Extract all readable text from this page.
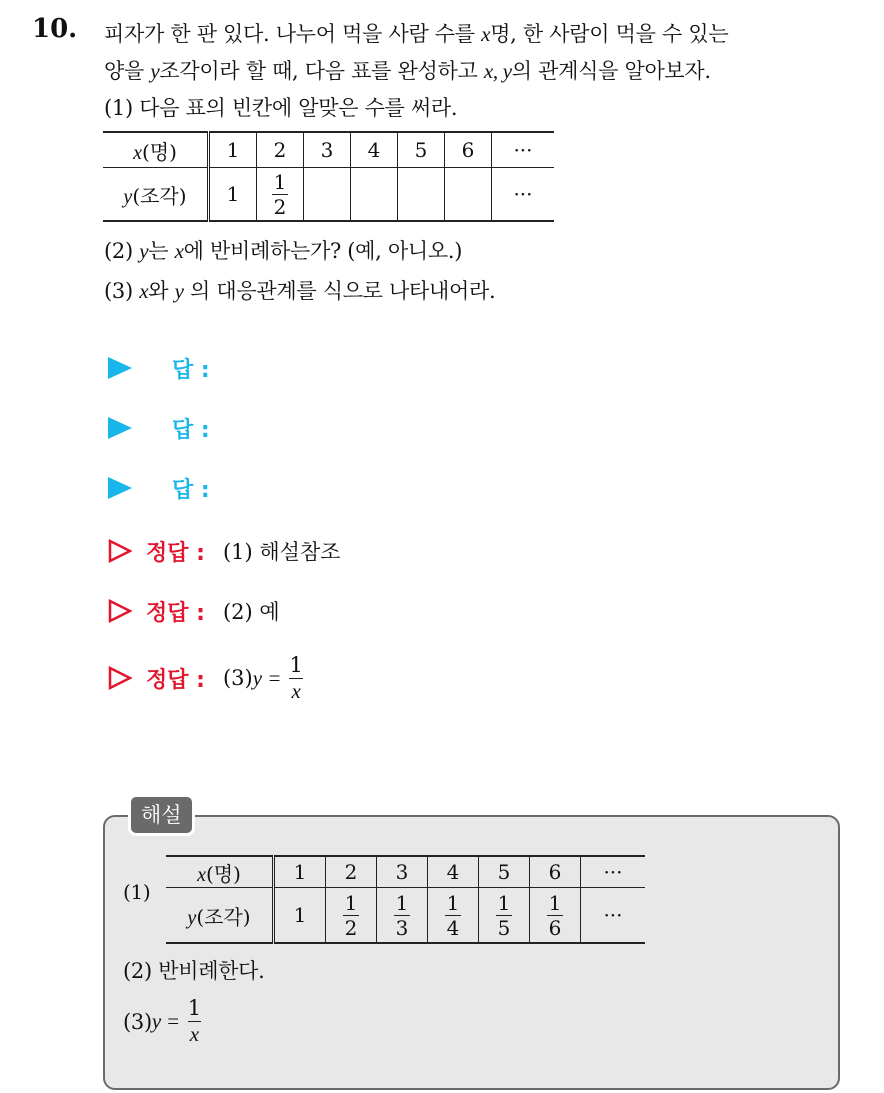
10. 피자가 한 판 있다. 나누어 먹을 사람 수를 x명, 한 사람이 먹을 수 있는
양을 y조각이라 할 때, 다음 표를 완성하고 x, y의 관계식을 알아보자.
(1) 다음 표의 빈칸에 알맞은 수를 써라.
x(명)	1	2	3	4	5	6	···
y(조각)	1	$\frac{1}{2}$					···
(2) y는 x에 반비례하는가? (예, 아니오.)
(3) x와 y 의 대응관계를 식으로 나타내어라.
답 :
답 :
답 :
정답 : (1) 해설참조
정답 : (2) 예
정답 : (3) $y = \frac{1}{x}$
해설
(1)
x(명)	1	2	3	4	5	6	···
y(조각)	1	$\frac{1}{2}$	$\frac{1}{3}$	$\frac{1}{4}$	$\frac{1}{5}$	$\frac{1}{6}$	···
(2) 반비례한다.
(3) $y = \frac{1}{x}$
